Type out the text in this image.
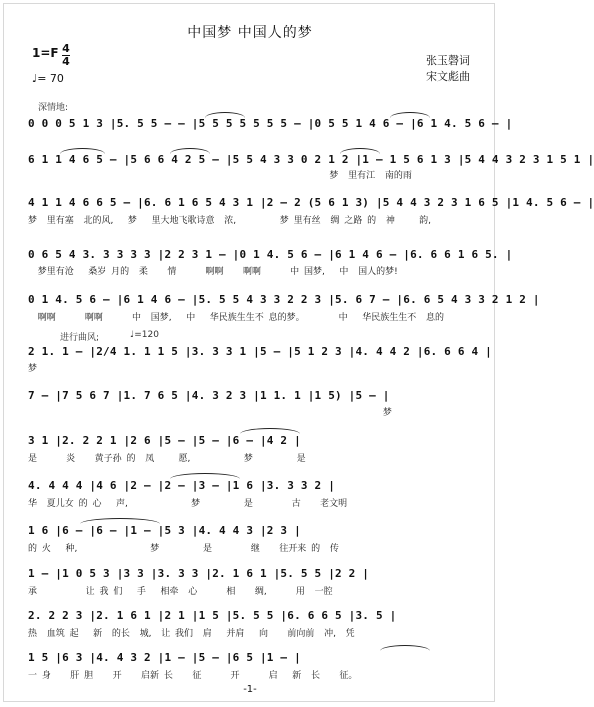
中国梦 中国人的梦
1=F 4
4
♩= 70
张玉磬词
宋文彪曲
深情地:
进行曲风;	♩=120
0 0 0 5 1 3 |5. 5 5 — — |5 5 5 5 5 5 5 — |0 5 5 1 4 6 — |6 1 4. 5 6 — |
6 1 1 4 6 5 — |5 6 6 4 2 5 — |5 5 4 3 3 0 2 1 2 |1 — 1 5 6 1 3 |5 4 4 3 2 3 1 5 1 |
梦  里有江  南的雨
4 1 1 4 6 6 5 — |6. 6 1 6 5 4 3 1 |2 — 2 (5 6 1 3) |5 4 4 3 2 3 1 6 5 |1 4. 5 6 — |
梦  里有塞  北的风,   梦   里大地飞歌诗意  浓,         梦 里有丝  绸 之路 的  神     韵,
0 6 5 4 3. 3 3 3 3 |2 2 3 1 — |0 1 4. 5 6 — |6 1 4 6 — |6. 6 6 1 6 5. |
梦里有沧   桑岁 月的  柔    情      啊啊    啊啊      中 国梦,   中  国人的梦!
0 1 4. 5 6 — |6 1 4 6 — |5. 5 5 4 3 3 2 2 3 |5. 6 7 — |6. 6 5 4 3 3 2 1 2 |
啊啊      啊啊      中  国梦,   中   华民族生生不 息的梦。       中   华民族生生不  息的
2 1. 1 — |2/4 1. 1 1 5 |3. 3 3 1 |5 — |5 1 2 3 |4. 4 4 2 |6. 6 6 4 |
梦
7 — |7 5 6 7 |1. 7 6 5 |4. 3 2 3 |1 1. 1 |1 5) |5 — |
梦
3 1 |2. 2 2 1 |2 6 |5 — |5 — |6 — |4 2 |
是      炎    黄子孙 的  凤     愿,           梦         是
4. 4 4 4 |4 6 |2 — |2 — |3 — |1 6 |3. 3 3 2 |
华  夏儿女 的 心   声,             梦         是        古    老文明
1 6 |6 — |6 — |1 — |5 3 |4. 4 4 3 |2 3 |
的 火   种,               梦         是        继    往开来 的  传
1 — |1 0 5 3 |3 3 |3. 3 3 |2. 1 6 1 |5. 5 5 |2 2 |
承          让 我 们   手   相牵  心      相    绸,      用  一腔
2. 2 2 3 |2. 1 6 1 |2 1 |1 5 |5. 5 5 |6. 6 6 5 |3. 5 |
热  血筑 起   新  的长  城,  让 我们  肩   并肩   向    前向前  冲,  凭
1 5 |6 3 |4. 4 3 2 |1 — |5 — |6 5 |1 — |
一 身    肝 胆    开    启新 长    征      开      启   新  长    征。
-1-
